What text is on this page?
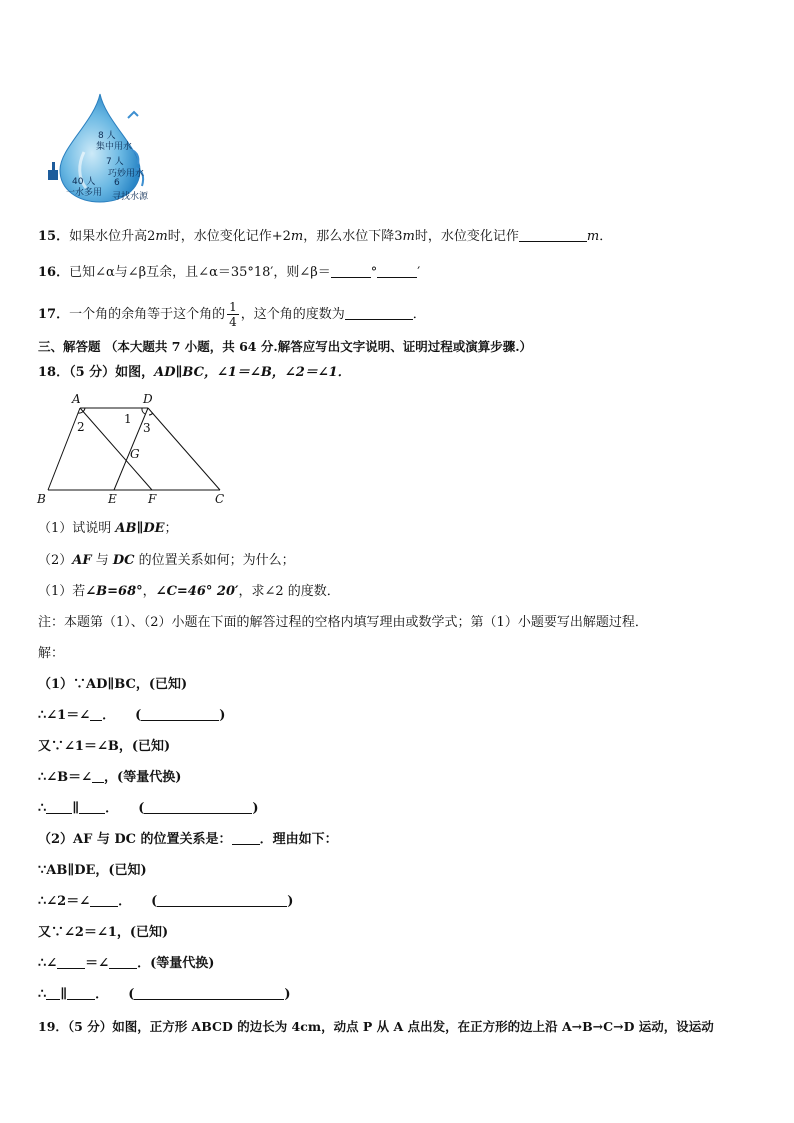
8 人
集中用水
7 人
巧妙用水
40 人
一水多用
6
寻找水源
15．如果水位升高2m时，水位变化记作+2m，那么水位下降3m时，水位变化记作	m．
16．已知∠α与∠β互余，且∠α＝35°18′，则∠β＝	°	′
17．一个角的余角等于这个角的 $\frac{1}{4}$ ，这个角的度数为	．
三、解答题 （本大题共 7 小题，共 64 分.解答应写出文字说明、证明过程或演算步骤.）
18．（5 分）如图，AD∥BC，∠1＝∠B，∠2＝∠1．
A	D
2
1
3
G
B	E	F	C
（1）试说明 AB∥DE；
（2）AF 与 DC 的位置关系如何；为什么；
（1）若∠B=68°，∠C=46° 20′，求∠2 的度数．
注：本题第（1）、（2）小题在下面的解答过程的空格内填写理由或数学式；第（1）小题要写出解题过程．
解：
（1）∵AD∥BC，(已知)
∴∠1＝∠ ． (	)
又∵∠1＝∠B，(已知)
∴∠B＝∠ ，(等量代换)
∴ ∥ ． (	)
（2）AF 与 DC 的位置关系是： ．理由如下：
∵AB∥DE，(已知)
∴∠2＝∠ ． (	)
又∵∠2＝∠1，(已知)
∴∠ ＝∠ ．(等量代换)
∴ ∥ ． (	)
19．（5 分）如图，正方形 ABCD 的边长为 4cm，动点 P 从 A 点出发，在正方形的边上沿 A→B→C→D 运动，设运动
